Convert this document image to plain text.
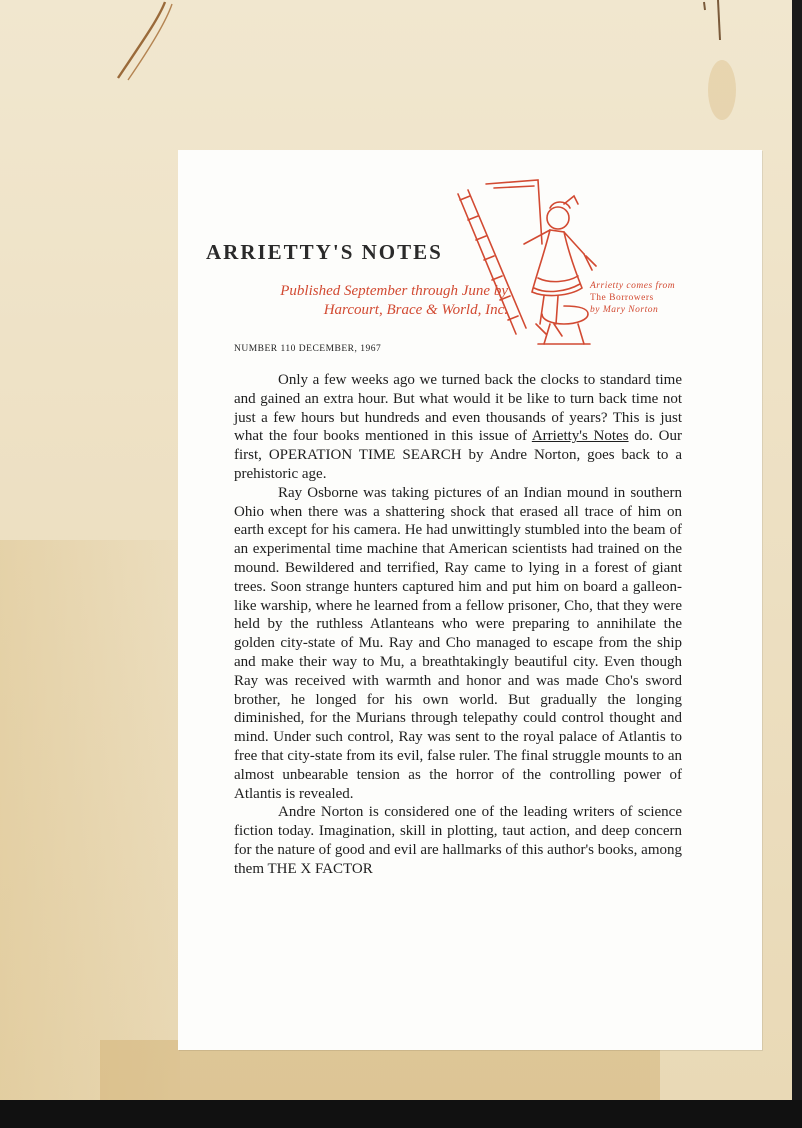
ARRIETTY'S NOTES
Published September through June by
Harcourt, Brace & World, Inc.
Arrietty comes from
The Borrowers
by Mary Norton
NUMBER 110 DECEMBER, 1967

Only a few weeks ago we turned back the clocks to standard time and gained an extra hour. But what would it be like to turn back time not just a few hours but hundreds and even thousands of years? This is just what the four books mentioned in this issue of Arrietty's Notes do. Our first, OPERATION TIME SEARCH by Andre Norton, goes back to a prehistoric age.

Ray Osborne was taking pictures of an Indian mound in southern Ohio when there was a shattering shock that erased all trace of him on earth except for his camera. He had unwittingly stumbled into the beam of an experimental time machine that American scientists had trained on the mound. Bewildered and terrified, Ray came to lying in a forest of giant trees. Soon strange hunters captured him and put him on board a galleon-like warship, where he learned from a fellow prisoner, Cho, that they were held by the ruthless Atlanteans who were preparing to annihilate the golden city-state of Mu. Ray and Cho managed to escape from the ship and make their way to Mu, a breathtakingly beautiful city. Even though Ray was received with warmth and honor and was made Cho's sword brother, he longed for his own world. But gradually the longing diminished, for the Murians through telepathy could control thought and mind. Under such control, Ray was sent to the royal palace of Atlantis to free that city-state from its evil, false ruler. The final struggle mounts to an almost unbearable tension as the horror of the controlling power of Atlantis is revealed.

Andre Norton is considered one of the leading writers of science fiction today. Imagination, skill in plotting, taut action, and deep concern for the nature of good and evil are hallmarks of this author's books, among them THE X FACTOR
